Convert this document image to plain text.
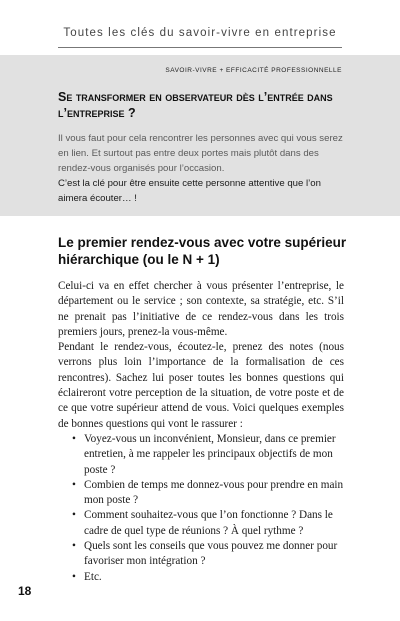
Toutes les clés du savoir-vivre en entreprise
SAVOIR-VIVRE + EFFICACITÉ PROFESSIONNELLE
Se transformer en observateur dès l’entrée dans l’entreprise ?
Il vous faut pour cela rencontrer les personnes avec qui vous serez en lien. Et surtout pas entre deux portes mais plutôt dans des rendez-vous organisés pour l’occasion.
C’est la clé pour être ensuite cette personne attentive que l’on aimera écouter… !
Le premier rendez-vous avec votre supérieur hiérarchique (ou le N + 1)

Celui-ci va en effet chercher à vous présenter l’entreprise, le département ou le service ; son contexte, sa stratégie, etc. S’il ne prenait pas l’initiative de ce rendez-vous dans les trois premiers jours, prenez-la vous-même.

Pendant le rendez-vous, écoutez-le, prenez des notes (nous verrons plus loin l’importance de la formalisation de ces rencontres). Sachez lui poser toutes les bonnes questions qui éclaireront votre perception de la situation, de votre poste et de ce que votre supérieur attend de vous. Voici quelques exemples de bonnes questions qui vont le rassurer :

• Voyez-vous un inconvénient, Monsieur, dans ce premier entretien, à me rappeler les principaux objectifs de mon poste ?
• Combien de temps me donnez-vous pour prendre en main mon poste ?
• Comment souhaitez-vous que l’on fonctionne ? Dans le cadre de quel type de réunions ? À quel rythme ?
• Quels sont les conseils que vous pouvez me donner pour favoriser mon intégration ?
• Etc.
18
